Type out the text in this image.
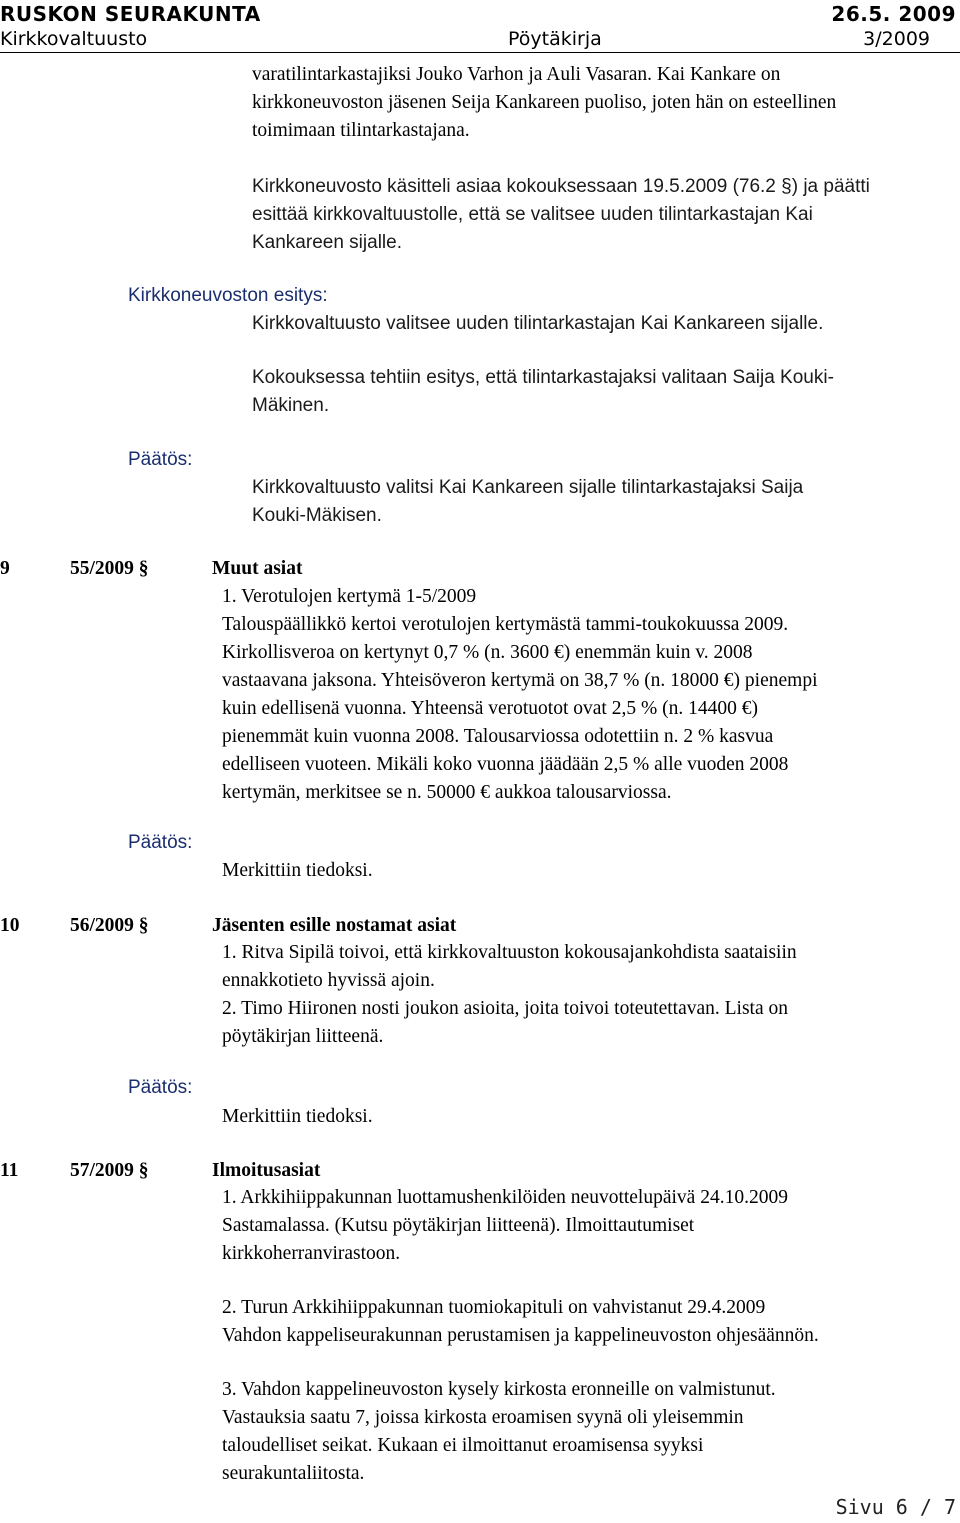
RUSKON SEURAKUNTA	26.5. 2009
Kirkkovaltuusto	Pöytäkirja	3/2009
varatilintarkastajiksi Jouko Varhon ja Auli Vasaran. Kai Kankare on
kirkkoneuvoston jäsenen Seija Kankareen puoliso, joten hän on esteellinen
toimimaan tilintarkastajana.
Kirkkoneuvosto käsitteli asiaa kokouksessaan 19.5.2009 (76.2 §) ja päätti
esittää kirkkovaltuustolle, että se valitsee uuden tilintarkastajan Kai
Kankareen sijalle.
Kirkkoneuvoston esitys:
Kirkkovaltuusto valitsee uuden tilintarkastajan Kai Kankareen sijalle.
Kokouksessa tehtiin esitys, että tilintarkastajaksi valitaan Saija Kouki-
Mäkinen.
Päätös:
Kirkkovaltuusto valitsi Kai Kankareen sijalle tilintarkastajaksi Saija
Kouki-Mäkisen.
9	55/2009 §	Muut asiat
1. Verotulojen kertymä 1-5/2009
Talouspäällikkö kertoi verotulojen kertymästä tammi-toukokuussa 2009.
Kirkollisveroa on kertynyt 0,7 % (n. 3600 €) enemmän kuin v. 2008
vastaavana jaksona. Yhteisöveron kertymä on 38,7 % (n. 18000 €) pienempi
kuin edellisenä vuonna. Yhteensä verotuotot ovat 2,5 % (n. 14400 €)
pienemmät kuin vuonna 2008. Talousarviossa odotettiin n. 2 % kasvua
edelliseen vuoteen. Mikäli koko vuonna jäädään 2,5 % alle vuoden 2008
kertymän, merkitsee se n. 50000 € aukkoa talousarviossa.
Päätös:
Merkittiin tiedoksi.
10	56/2009 §	Jäsenten esille nostamat asiat
1. Ritva Sipilä toivoi, että kirkkovaltuuston kokousajankohdista saataisiin
ennakkotieto hyvissä ajoin.
2. Timo Hiironen nosti joukon asioita, joita toivoi toteutettavan. Lista on
pöytäkirjan liitteenä.
Päätös:
Merkittiin tiedoksi.
11	57/2009 §	Ilmoitusasiat
1. Arkkihiippakunnan luottamushenkilöiden neuvottelupäivä 24.10.2009
Sastamalassa. (Kutsu pöytäkirjan liitteenä). Ilmoittautumiset
kirkkoherranvirastoon.
2. Turun Arkkihiippakunnan tuomiokapituli on vahvistanut 29.4.2009
Vahdon kappeliseurakunnan perustamisen ja kappelineuvoston ohjesäännön.
3. Vahdon kappelineuvoston kysely kirkosta eronneille on valmistunut.
Vastauksia saatu 7, joissa kirkosta eroamisen syynä oli yleisemmin
taloudelliset seikat. Kukaan ei ilmoittanut eroamisensa syyksi
seurakuntaliitosta.
Sivu 6 / 7
